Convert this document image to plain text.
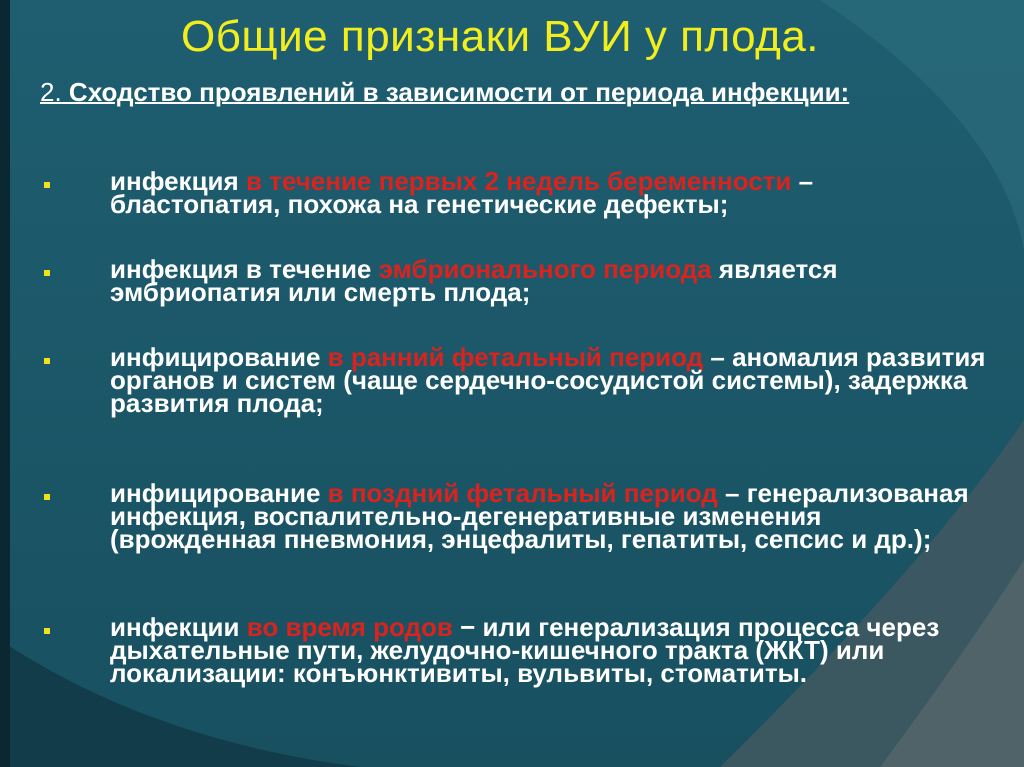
Общие признаки ВУИ у плода.
2. Сходство проявлений в зависимости от периода инфекции:
инфекция в течение первых 2 недель беременности – бластопатия, похожа на генетические дефекты;
инфекция в течение эмбрионального периода является эмбриопатия или смерть плода;
инфицирование в ранний фетальный период – аномалия развития органов и систем (чаще сердечно-сосудистой системы), задержка развития плода;
инфицирование в поздний фетальный период – генерализованая инфекция, воспалительно-дегенеративные изменения (врожденная пневмония, энцефалиты, гепатиты, сепсис и др.);
инфекции во время родов − или генерализация процесса через дыхательные пути, желудочно-кишечного тракта (ЖКТ) или локализации: конъюнктивиты, вульвиты, стоматиты.
